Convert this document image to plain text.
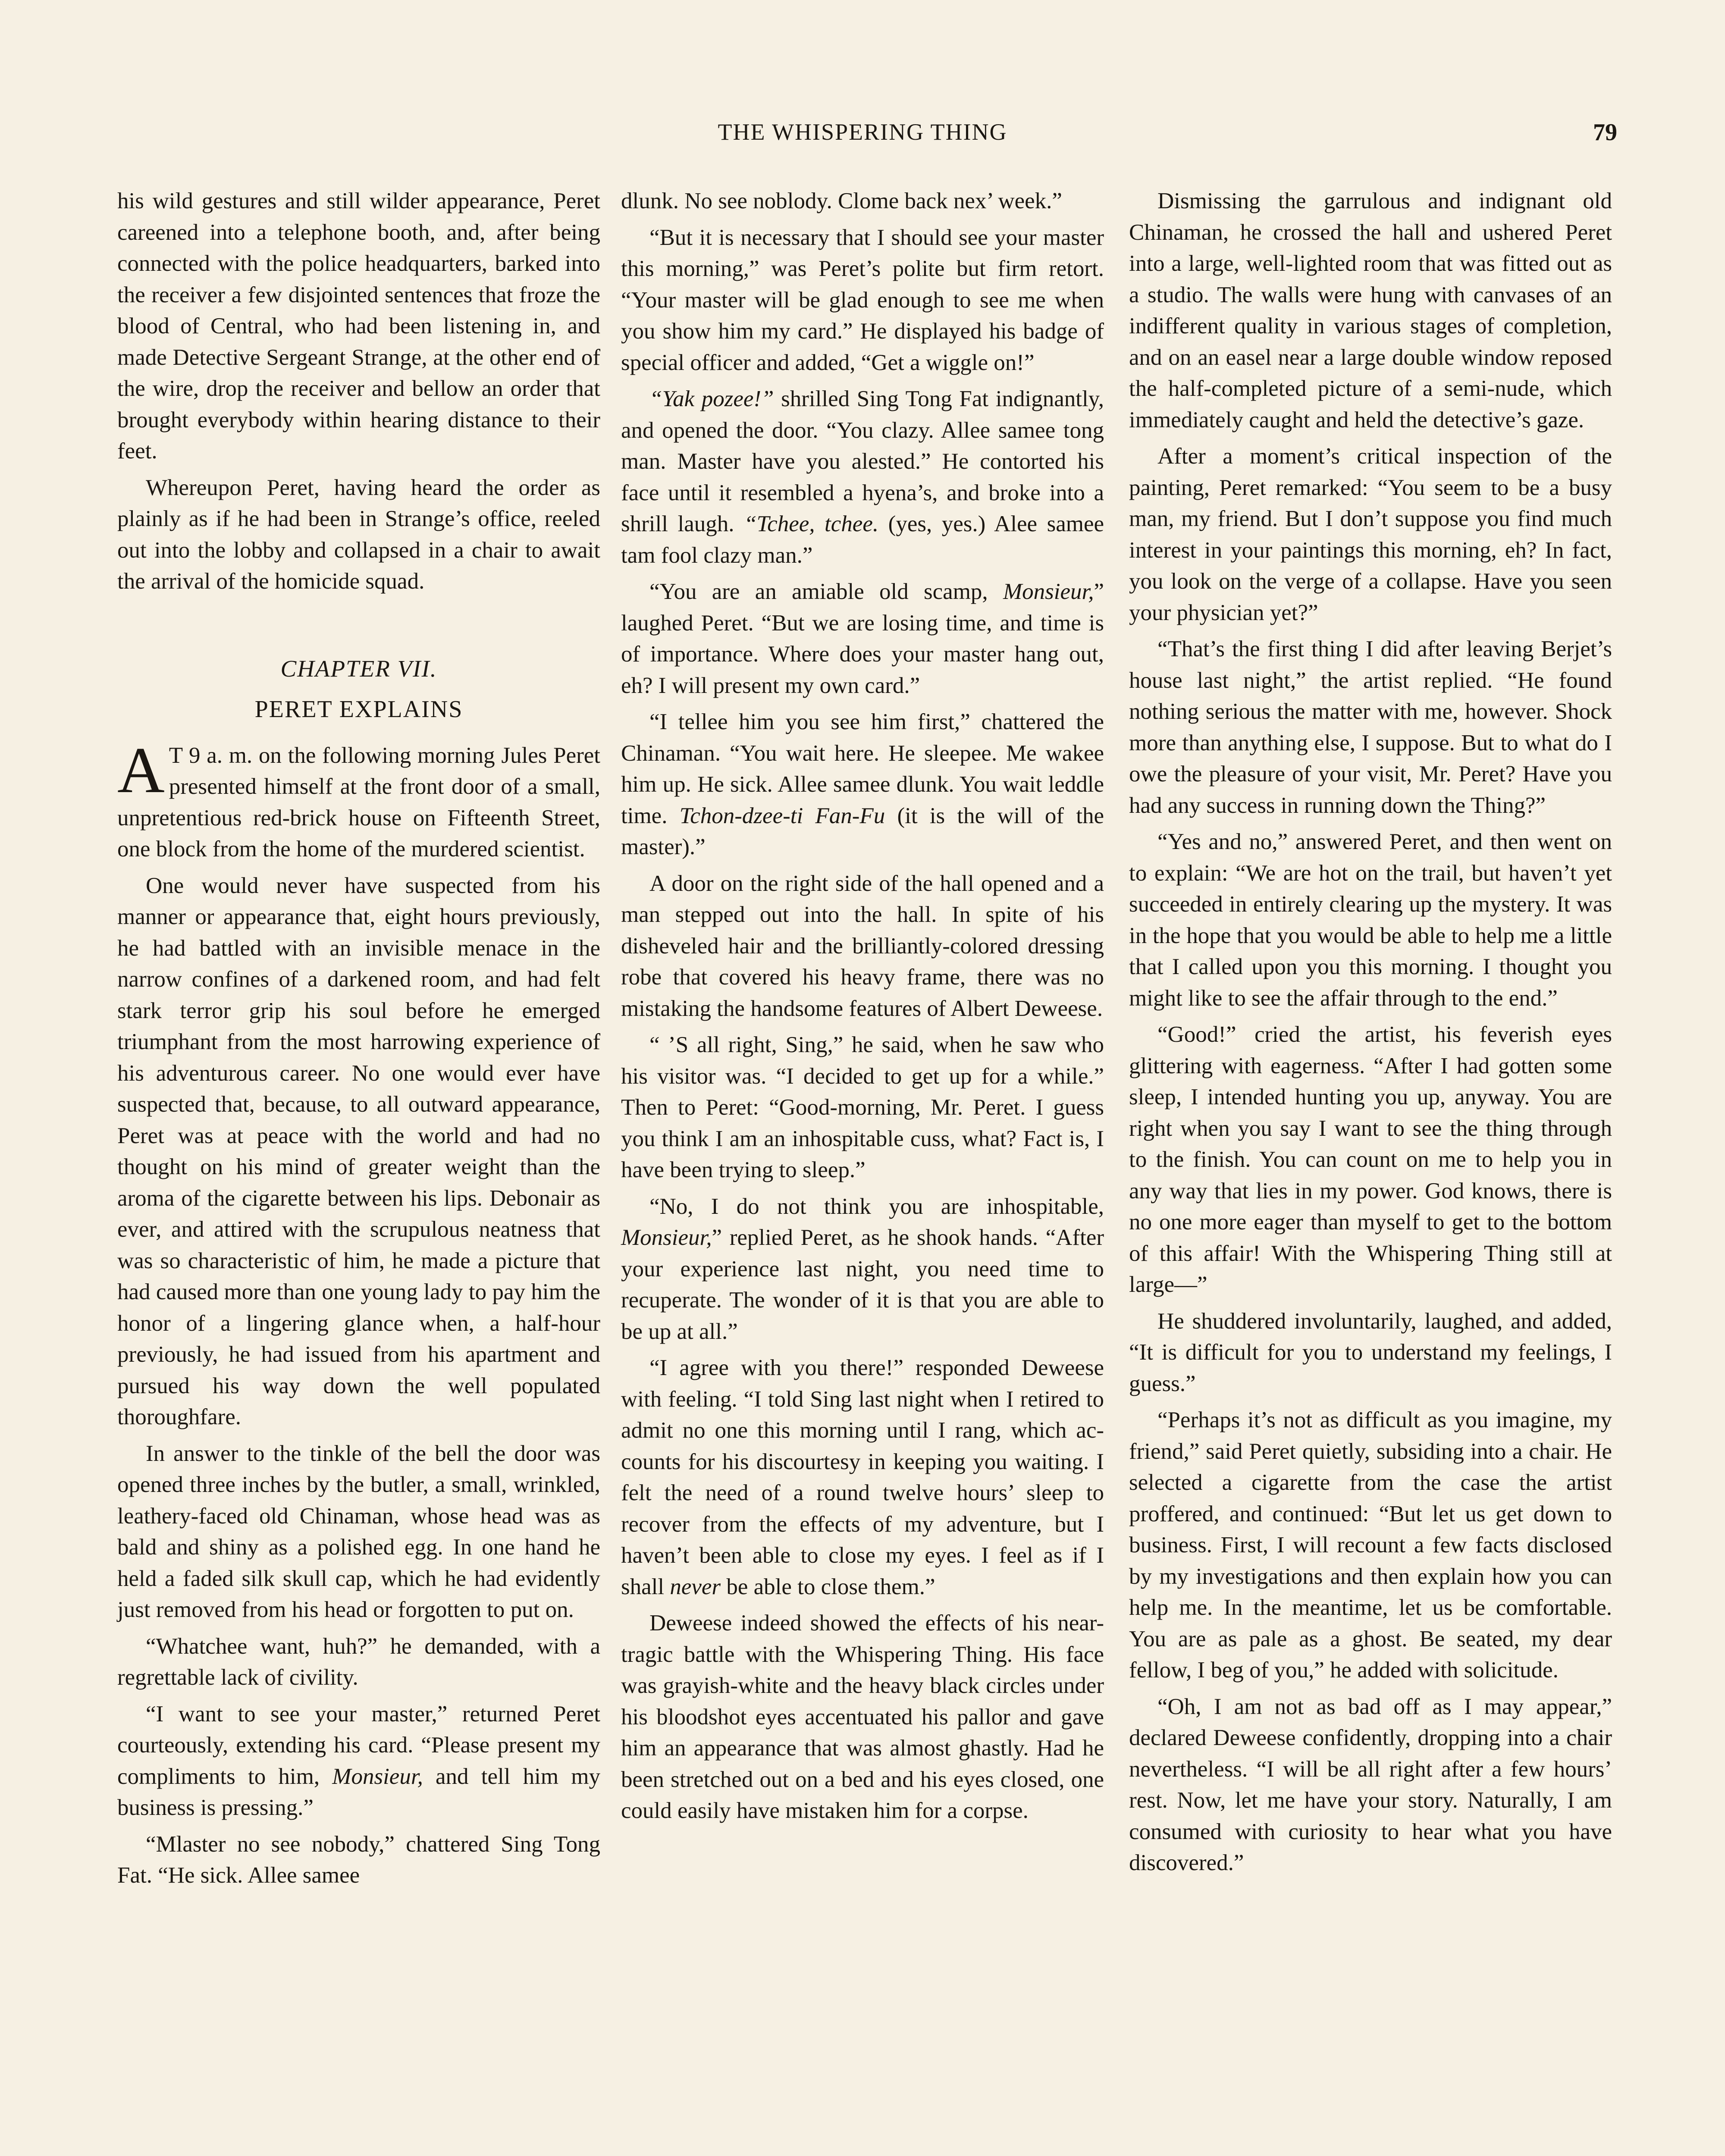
THE WHISPERING THING	79

his wild gestures and still wilder appearance, Peret careened into a telephone booth, and, after being connected with the police headquarters, barked into the receiver a few disjointed sentences that froze the blood of Central, who had been listening in, and made Detective Sergeant Strange, at the other end of the wire, drop the receiver and bellow an order that brought everybody within hearing distance to their feet.

Whereupon Peret, having heard the order as plainly as if he had been in Strange’s office, reeled out into the lobby and collapsed in a chair to await the arrival of the homicide squad.

CHAPTER VII.
PERET EXPLAINS

A T 9 a. m. on the following morning Jules Peret presented himself at the front door of a small, unpretentious red-brick house on Fifteenth Street, one block from the home of the murdered scientist.

One would never have suspected from his manner or appearance that, eight hours previously, he had battled with an invisible menace in the narrow confines of a darkened room, and had felt stark terror grip his soul before he emerged triumphant from the most harrowing experience of his adventurous career. No one would ever have suspected that, because, to all outward appearance, Peret was at peace with the world and had no thought on his mind of greater weight than the aroma of the cigarette between his lips. Debonair as ever, and attired with the scrupulous neatness that was so characteristic of him, he made a picture that had caused more than one young lady to pay him the honor of a lingering glance when, a half-hour previously, he had issued from his apartment and pursued his way down the well populated thoroughfare.

In answer to the tinkle of the bell the door was opened three inches by the butler, a small, wrinkled, leathery-faced old Chinaman, whose head was as bald and shiny as a polished egg. In one hand he held a faded silk skull cap, which he had evidently just removed from his head or forgotten to put on.

“Whatchee want, huh?” he demanded, with a regrettable lack of civility.

“I want to see your master,” returned Peret courteously, extending his card. “Please present my compliments to him, Monsieur, and tell him my business is pressing.”

“Mlaster no see nobody,” chattered Sing Tong Fat. “He sick. Allee samee

dlunk. No see noblody. Clome back nex’ week.”

“But it is necessary that I should see your master this morning,” was Peret’s polite but firm retort. “Your master will be glad enough to see me when you show him my card.” He displayed his badge of special officer and added, “Get a wiggle on!”

“Yak pozee!” shrilled Sing Tong Fat indignantly, and opened the door. “You clazy. Allee samee tong man. Master have you alested.” He contorted his face until it resembled a hyena’s, and broke into a shrill laugh. “Tchee, tchee. (yes, yes.) Alee samee tam fool clazy man.”

“You are an amiable old scamp, Monsieur,” laughed Peret. “But we are losing time, and time is of importance. Where does your master hang out, eh? I will present my own card.”

“I tellee him you see him first,” chattered the Chinaman. “You wait here. He sleepee. Me wakee him up. He sick. Allee samee dlunk. You wait leddle time. Tchon-dzee-ti Fan-Fu (it is the will of the master).”

A door on the right side of the hall opened and a man stepped out into the hall. In spite of his disheveled hair and the brilliantly-colored dressing robe that covered his heavy frame, there was no mistaking the handsome features of Albert Deweese.

“ ’S all right, Sing,” he said, when he saw who his visitor was. “I decided to get up for a while.” Then to Peret: “Good-morning, Mr. Peret. I guess you think I am an inhospitable cuss, what? Fact is, I have been trying to sleep.”

“No, I do not think you are inhospitable, Monsieur,” replied Peret, as he shook hands. “After your experience last night, you need time to recuperate. The wonder of it is that you are able to be up at all.”

“I agree with you there!” responded Deweese with feeling. “I told Sing last night when I retired to admit no one this morning until I rang, which accounts for his discourtesy in keeping you waiting. I felt the need of a round twelve hours’ sleep to recover from the effects of my adventure, but I haven’t been able to close my eyes. I feel as if I shall never be able to close them.”

Deweese indeed showed the effects of his near-tragic battle with the Whispering Thing. His face was grayish-white and the heavy black circles under his bloodshot eyes accentuated his pallor and gave him an appearance that was almost ghastly. Had he been stretched out on a bed and his eyes closed, one could easily have mistaken him for a corpse.

Dismissing the garrulous and indignant old Chinaman, he crossed the hall and ushered Peret into a large, well-lighted room that was fitted out as a studio. The walls were hung with canvases of an indifferent quality in various stages of completion, and on an easel near a large double window reposed the half-completed picture of a semi-nude, which immediately caught and held the detective’s gaze.

After a moment’s critical inspection of the painting, Peret remarked: “You seem to be a busy man, my friend. But I don’t suppose you find much interest in your paintings this morning, eh? In fact, you look on the verge of a collapse. Have you seen your physician yet?”

“That’s the first thing I did after leaving Berjet’s house last night,” the artist replied. “He found nothing serious the matter with me, however. Shock more than anything else, I suppose. But to what do I owe the pleasure of your visit, Mr. Peret? Have you had any success in running down the Thing?”

“Yes and no,” answered Peret, and then went on to explain: “We are hot on the trail, but haven’t yet succeeded in entirely clearing up the mystery. It was in the hope that you would be able to help me a little that I called upon you this morning. I thought you might like to see the affair through to the end.”

“Good!” cried the artist, his feverish eyes glittering with eagerness. “After I had gotten some sleep, I intended hunting you up, anyway. You are right when you say I want to see the thing through to the finish. You can count on me to help you in any way that lies in my power. God knows, there is no one more eager than myself to get to the bottom of this affair! With the Whispering Thing still at large—”

He shuddered involuntarily, laughed, and added, “It is difficult for you to understand my feelings, I guess.”

“Perhaps it’s not as difficult as you imagine, my friend,” said Peret quietly, subsiding into a chair. He selected a cigarette from the case the artist proffered, and continued: “But let us get down to business. First, I will recount a few facts disclosed by my investigations and then explain how you can help me. In the meantime, let us be comfortable. You are as pale as a ghost. Be seated, my dear fellow, I beg of you,” he added with solicitude.

“Oh, I am not as bad off as I may appear,” declared Deweese confidently, dropping into a chair nevertheless. “I will be all right after a few hours’ rest. Now, let me have your story. Naturally, I am consumed with curiosity to hear what you have discovered.”
